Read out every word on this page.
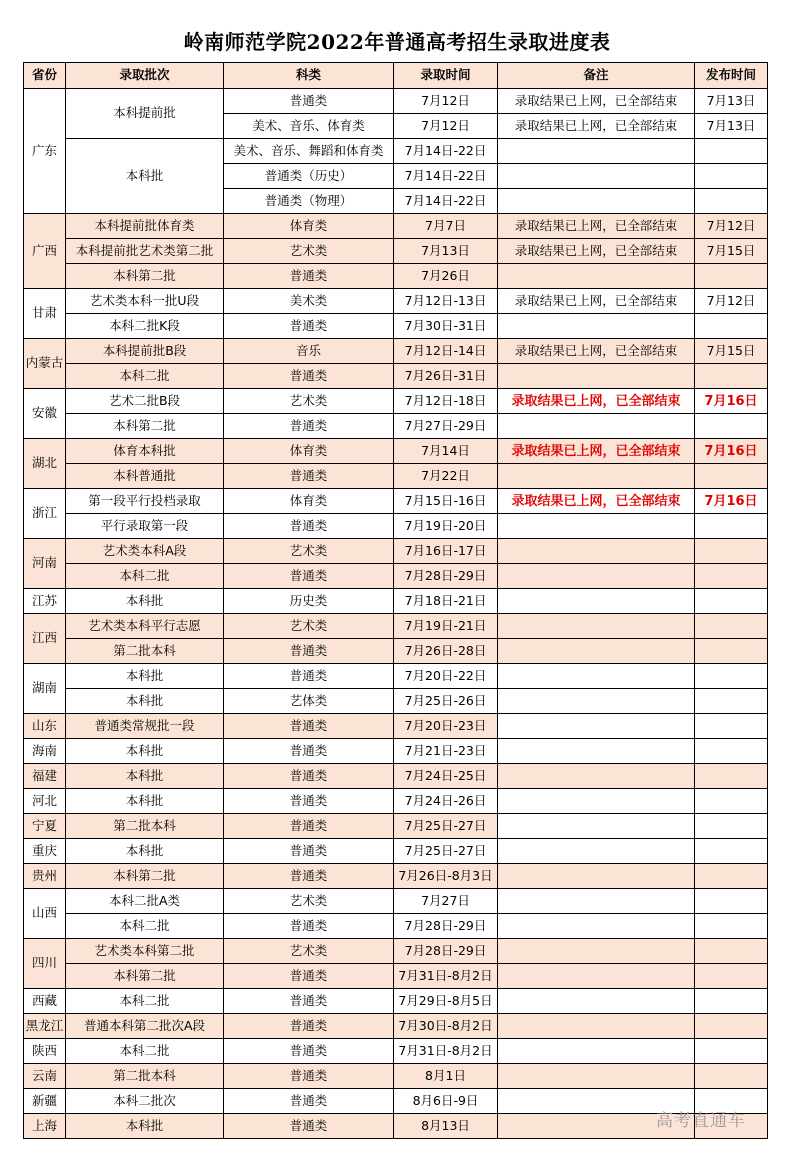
岭南师范学院2022年普通高考招生录取进度表
省份	录取批次	科类	录取时间	备注	发布时间
广东	本科提前批	普通类	7月12日	录取结果已上网，已全部结束	7月13日
		美术、音乐、体育类	7月12日	录取结果已上网，已全部结束	7月13日
	本科批	美术、音乐、舞蹈和体育类	7月14日-22日		
		普通类（历史）	7月14日-22日		
		普通类（物理）	7月14日-22日		
广西	本科提前批体育类	体育类	7月7日	录取结果已上网，已全部结束	7月12日
	本科提前批艺术类第二批	艺术类	7月13日	录取结果已上网，已全部结束	7月15日
	本科第二批	普通类	7月26日		
甘肃	艺术类本科一批U段	美术类	7月12日-13日	录取结果已上网，已全部结束	7月12日
	本科二批K段	普通类	7月30日-31日		
内蒙古	本科提前批B段	音乐	7月12日-14日	录取结果已上网，已全部结束	7月15日
	本科二批	普通类	7月26日-31日		
安徽	艺术二批B段	艺术类	7月12日-18日	录取结果已上网，已全部结束	7月16日
	本科第二批	普通类	7月27日-29日		
湖北	体育本科批	体育类	7月14日	录取结果已上网，已全部结束	7月16日
	本科普通批	普通类	7月22日		
浙江	第一段平行投档录取	体育类	7月15日-16日	录取结果已上网，已全部结束	7月16日
	平行录取第一段	普通类	7月19日-20日		
河南	艺术类本科A段	艺术类	7月16日-17日		
	本科二批	普通类	7月28日-29日		
江苏	本科批	历史类	7月18日-21日		
江西	艺术类本科平行志愿	艺术类	7月19日-21日		
	第二批本科	普通类	7月26日-28日		
湖南	本科批	普通类	7月20日-22日		
	本科批	艺体类	7月25日-26日		
山东	普通类常规批一段	普通类	7月20日-23日		
海南	本科批	普通类	7月21日-23日		
福建	本科批	普通类	7月24日-25日		
河北	本科批	普通类	7月24日-26日		
宁夏	第二批本科	普通类	7月25日-27日		
重庆	本科批	普通类	7月25日-27日		
贵州	本科第二批	普通类	7月26日-8月3日		
山西	本科二批A类	艺术类	7月27日		
	本科二批	普通类	7月28日-29日		
四川	艺术类本科第二批	艺术类	7月28日-29日		
	本科第二批	普通类	7月31日-8月2日		
西藏	本科二批	普通类	7月29日-8月5日		
黑龙江	普通本科第二批次A段	普通类	7月30日-8月2日		
陕西	本科二批	普通类	7月31日-8月2日		
云南	第二批本科	普通类	8月1日		
新疆	本科二批次	普通类	8月6日-9日		
上海	本科批	普通类	8月13日			高考直通车
